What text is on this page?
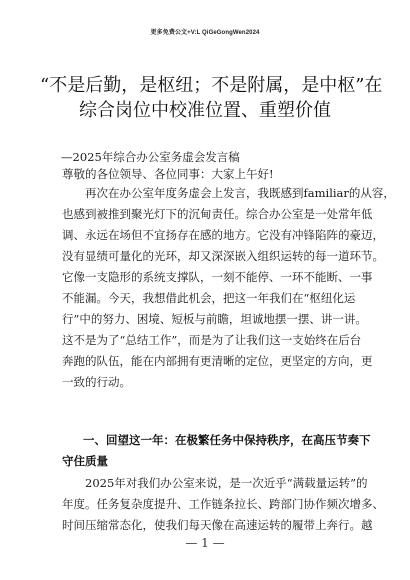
更多免费公文+V:L QiGeGongWen2024
“不是后勤，是枢纽；不是附属，是中枢”在
综合岗位中校准位置、重塑价值
—2025年综合办公室务虚会发言稿
尊敬的各位领导、各位同事：大家上午好!
再次在办公室年度务虚会上发言，我既感到familiar的从容，
也感到被推到聚光灯下的沉甸责任。综合办公室是一处常年低
调、永远在场但不宜扬存在感的地方。它没有冲锋陷阵的豪迈，
没有显绩可量化的光环，却又深深嵌入组织运转的每一道环节。
它像一支隐形的系统支撑队，一刻不能停、一环不能断、一事
不能漏。今天，我想借此机会，把这一年我们在“枢纽化运
行”中的努力、困境、短板与前瞻，坦诚地摆一摆、讲一讲。
这不是为了“总结工作”，而是为了让我们这一支始终在后台
奔跑的队伍，能在内部拥有更清晰的定位，更坚定的方向，更
一致的行动。
一、回望这一年：在极繁任务中保持秩序，在高压节奏下
守住质量
2025年对我们办公室来说，是一次近乎“满载量运转”的
年度。任务复杂度提升、工作链条拉长、跨部门协作频次增多、
时间压缩常态化，使我们每天像在高速运转的履带上奔行。越
— 1 —
